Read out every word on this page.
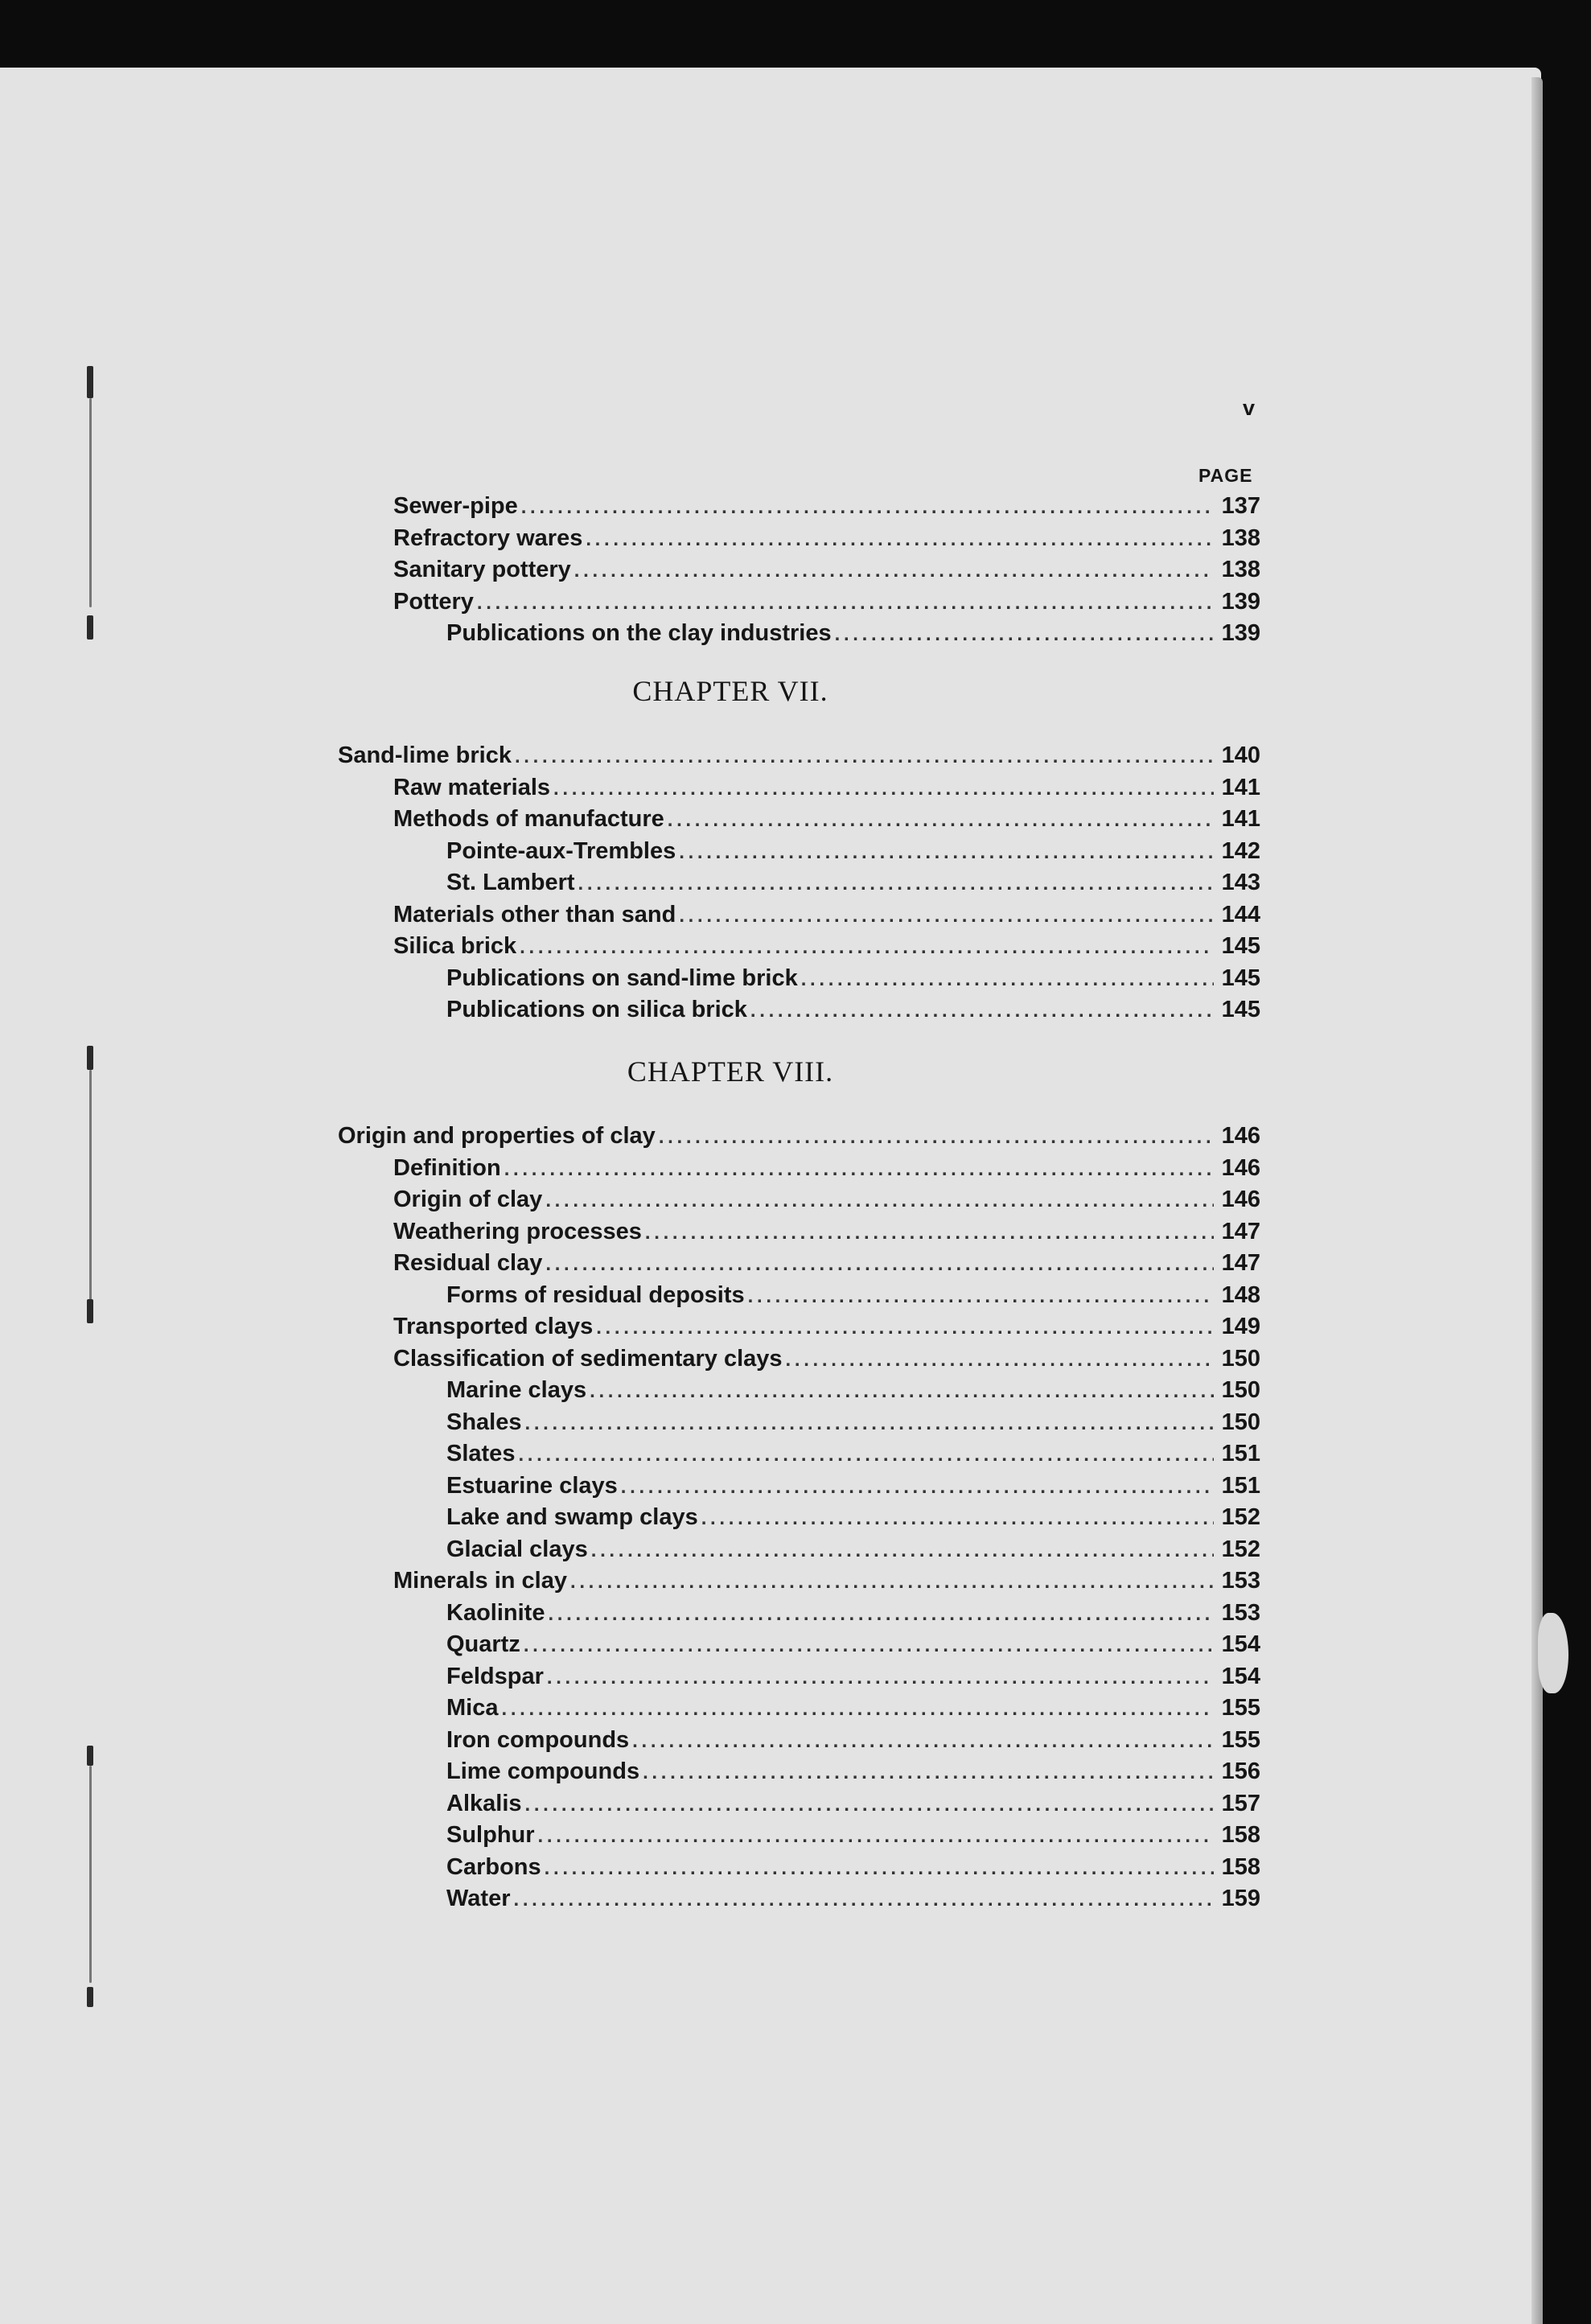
v
PAGE
CHAPTER VII.
CHAPTER VIII.
Sewer-pipe . . .	137
Refractory wares . . .	138
Sanitary pottery . . .	138
Pottery . . .	139
Publications on the clay industries . . .	139
Sand-lime brick . . .	140
Raw materials . . .	141
Methods of manufacture . . .	141
Pointe-aux-Trembles . . .	142
St. Lambert . . .	143
Materials other than sand . . .	144
Silica brick . . .	145
Publications on sand-lime brick . . .	145
Publications on silica brick . . .	145
Origin and properties of clay . . .	146
Definition . . .	146
Origin of clay . . .	146
Weathering processes . . .	147
Residual clay . . .	147
Forms of residual deposits . . .	148
Transported clays . . .	149
Classification of sedimentary clays . . .	150
Marine clays . . .	150
Shales . . .	150
Slates . . .	151
Estuarine clays . . .	151
Lake and swamp clays . . .	152
Glacial clays . . .	152
Minerals in clay . . .	153
Kaolinite . . .	153
Quartz . . .	154
Feldspar . . .	154
Mica . . .	155
Iron compounds . . .	155
Lime compounds . . .	156
Alkalis . . .	157
Sulphur . . .	158
Carbons . . .	158
Water . . .	159
